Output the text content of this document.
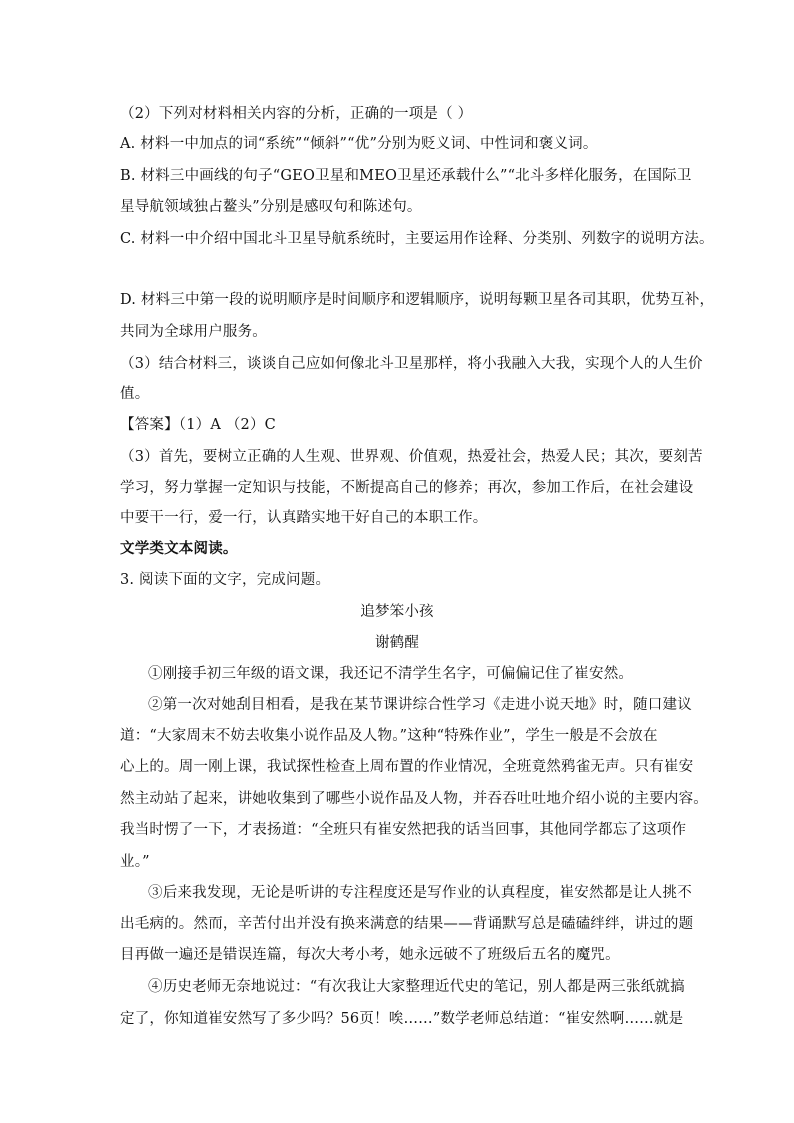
（2）下列对材料相关内容的分析，正确的一项是（ ）
A. 材料一中加点的词“系统”“倾斜”“优”分别为贬义词、中性词和褒义词。
B. 材料三中画线的句子“GEO卫星和MEO卫星还承载什么”“北斗多样化服务，在国际卫
星导航领域独占鳌头”分别是感叹句和陈述句。
C. 材料一中介绍中国北斗卫星导航系统时，主要运用作诠释、分类别、列数字的说明方法。
D. 材料三中第一段的说明顺序是时间顺序和逻辑顺序，说明每颗卫星各司其职，优势互补，
共同为全球用户服务。
（3）结合材料三，谈谈自己应如何像北斗卫星那样，将小我融入大我，实现个人的人生价
值。
【答案】（1）A （2）C
（3）首先，要树立正确的人生观、世界观、价值观，热爱社会，热爱人民；其次，要刻苦
学习，努力掌握一定知识与技能，不断提高自己的修养；再次，参加工作后，在社会建设
中要干一行，爱一行，认真踏实地干好自己的本职工作。
文学类文本阅读。
3. 阅读下面的文字，完成问题。
追梦笨小孩
谢鹤醒
①刚接手初三年级的语文课，我还记不清学生名字，可偏偏记住了崔安然。
②第一次对她刮目相看，是我在某节课讲综合性学习《走进小说天地》时，随口建议
道：“大家周末不妨去收集小说作品及人物。”这种“特殊作业”，学生一般是不会放在
心上的。周一刚上课，我试探性检查上周布置的作业情况，全班竟然鸦雀无声。只有崔安
然主动站了起来，讲她收集到了哪些小说作品及人物，并吞吞吐吐地介绍小说的主要内容。
我当时愣了一下，才表扬道：“全班只有崔安然把我的话当回事，其他同学都忘了这项作
业。”
③后来我发现，无论是听讲的专注程度还是写作业的认真程度，崔安然都是让人挑不
出毛病的。然而，辛苦付出并没有换来满意的结果——背诵默写总是磕磕绊绊，讲过的题
目再做一遍还是错误连篇，每次大考小考，她永远破不了班级后五名的魔咒。
④历史老师无奈地说过：“有次我让大家整理近代史的笔记，别人都是两三张纸就搞
定了，你知道崔安然写了多少吗？56页！唉……”数学老师总结道：“崔安然啊……就是
